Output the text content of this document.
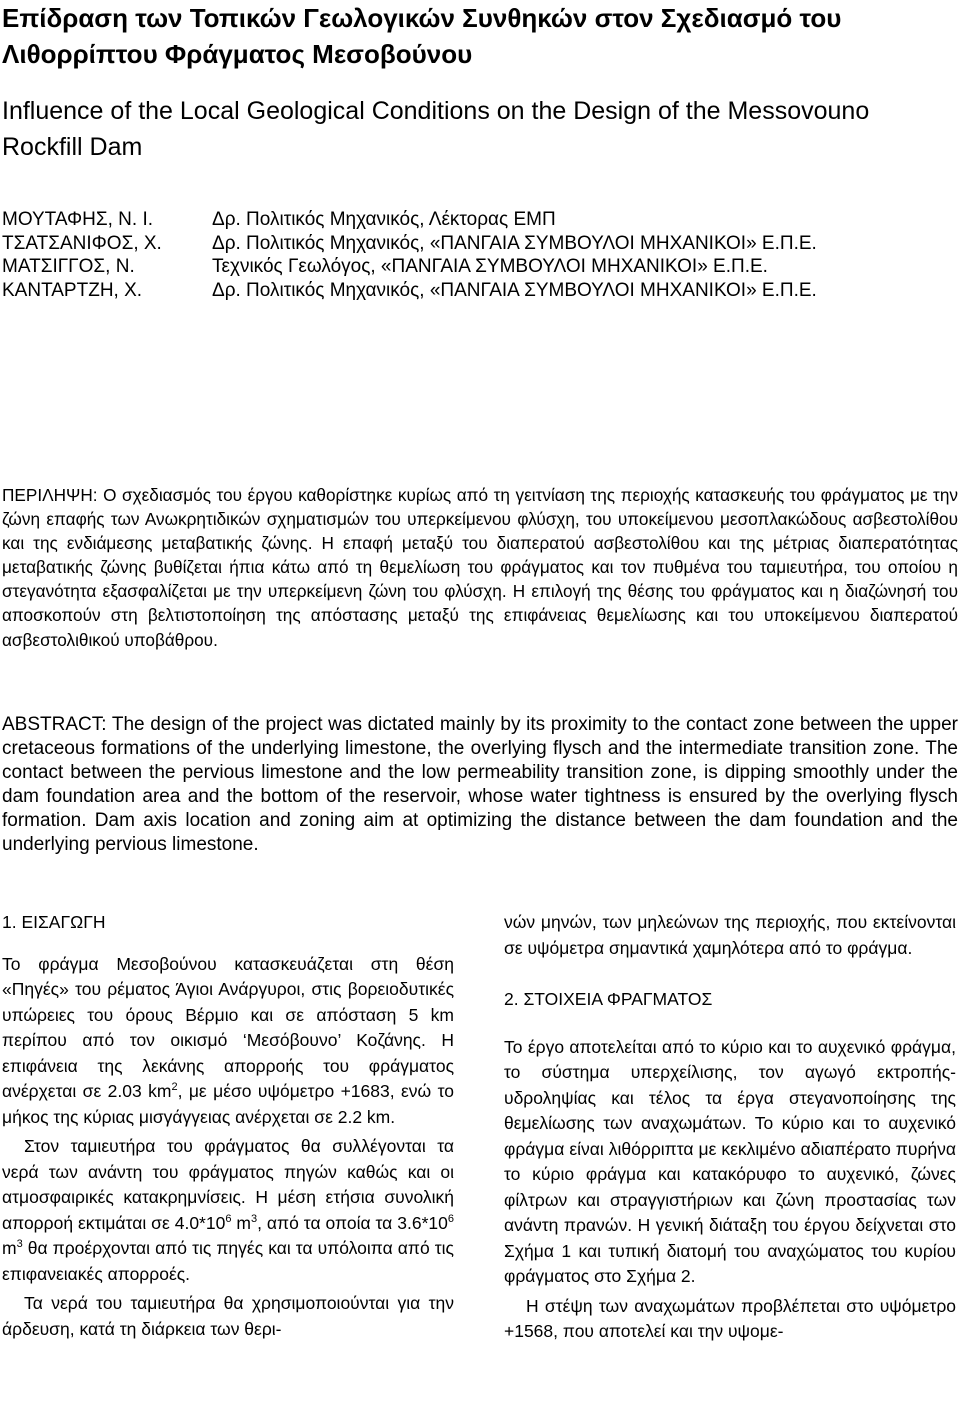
Επίδραση των Τοπικών Γεωλογικών Συνθηκών στον Σχεδιασμό του Λιθορρίπτου Φράγματος Μεσοβούνου
Influence of the Local Geological Conditions on the Design of the Messovouno Rockfill Dam
ΜΟΥΤΑΦΗΣ, Ν. Ι.	Δρ. Πολιτικός Μηχανικός, Λέκτορας ΕΜΠ
ΤΣΑΤΣΑΝΙΦΟΣ, Χ.	Δρ. Πολιτικός Μηχανικός, «ΠΑΝΓΑΙΑ ΣΥΜΒΟΥΛΟΙ ΜΗΧΑΝΙΚΟΙ» Ε.Π.Ε.
ΜΑΤΣΙΓΓΟΣ, Ν.	Τεχνικός Γεωλόγος, «ΠΑΝΓΑΙΑ ΣΥΜΒΟΥΛΟΙ ΜΗΧΑΝΙΚΟΙ» Ε.Π.Ε.
ΚΑΝΤΑΡΤΖΗ, Χ.	Δρ. Πολιτικός Μηχανικός, «ΠΑΝΓΑΙΑ ΣΥΜΒΟΥΛΟΙ ΜΗΧΑΝΙΚΟΙ» Ε.Π.Ε.
ΠΕΡΙΛΗΨΗ: Ο σχεδιασμός του έργου καθορίστηκε κυρίως από τη γειτνίαση της περιοχής κατασκευής του φράγματος με την ζώνη επαφής των Ανωκρητιδικών σχηματισμών του υπερκείμενου φλύσχη, του υποκείμενου μεσοπλακώδους ασβεστολίθου και της ενδιάμεσης μεταβατικής ζώνης. Η επαφή μεταξύ του διαπερατού ασβεστολίθου και της μέτριας διαπερατότητας μεταβατικής ζώνης βυθίζεται ήπια κάτω από τη θεμελίωση του φράγματος και τον πυθμένα του ταμιευτήρα, του οποίου η στεγανότητα εξασφαλίζεται με την υπερκείμενη ζώνη του φλύσχη. Η επιλογή της θέσης του φράγματος και η διαζώνησή του αποσκοπούν στη βελτιστοποίηση της απόστασης μεταξύ της επιφάνειας θεμελίωσης και του υποκείμενου διαπερατού ασβεστολιθικού υποβάθρου.
ABSTRACT: The design of the project was dictated mainly by its proximity to the contact zone between the upper cretaceous formations of the underlying limestone, the overlying flysch and the intermediate transition zone. The contact between the pervious limestone and the low permeability transition zone, is dipping smoothly under the dam foundation area and the bottom of the reservoir, whose water tightness is ensured by the overlying flysch formation. Dam axis location and zoning aim at optimizing the distance between the dam foundation and the underlying pervious limestone.

1. ΕΙΣΑΓΩΓΗ

Το φράγμα Μεσοβούνου κατασκευάζεται στη θέση «Πηγές» του ρέματος Άγιοι Ανάργυροι, στις βορειοδυτικές υπώρειες του όρους Βέρμιο και σε απόσταση 5 km περίπου από τον οικισμό ‘Μεσόβουνο’ Κοζάνης. Η επιφάνεια της λεκάνης απορροής του φράγματος ανέρχεται σε 2.03 $km^2$, με μέσο υψόμετρο +1683, ενώ το μήκος της κύριας μισγάγγειας ανέρχεται σε 2.2 km.

Στον ταμιευτήρα του φράγματος θα συλλέγονται τα νερά των ανάντη του φράγματος πηγών καθώς και οι ατμοσφαιρικές κατακρημνίσεις. Η μέση ετήσια συνολική απορροή εκτιμάται σε $4.0*10^6$ $m^3$, από τα οποία τα $3.6*10^6$ $m^3$ θα προέρχονται από τις πηγές και τα υπόλοιπα από τις επιφανειακές απορροές.

Τα νερά του ταμιευτήρα θα χρησιμοποιούνται για την άρδευση, κατά τη διάρκεια των θερι-

νών μηνών, των μηλεώνων της περιοχής, που εκτείνονται σε υψόμετρα σημαντικά χαμηλότερα από το φράγμα.

2. ΣΤΟΙΧΕΙΑ ΦΡΑΓΜΑΤΟΣ

Το έργο αποτελείται από το κύριο και το αυχενικό φράγμα, το σύστημα υπερχείλισης, τον αγωγό εκτροπής-υδροληψίας και τέλος τα έργα στεγανοποίησης της θεμελίωσης των αναχωμάτων. Το κύριο και το αυχενικό φράγμα είναι λιθόρριπτα με κεκλιμένο αδιαπέρατο πυρήνα το κύριο φράγμα και κατακόρυφο το αυχενικό, ζώνες φίλτρων και στραγγιστήριων και ζώνη προστασίας των ανάντη πρανών. Η γενική διάταξη του έργου δείχνεται στο Σχήμα 1 και τυπική διατομή του αναχώματος του κυρίου φράγματος στο Σχήμα 2.

Η στέψη των αναχωμάτων προβλέπεται στο υψόμετρο +1568, που αποτελεί και την υψομε-
